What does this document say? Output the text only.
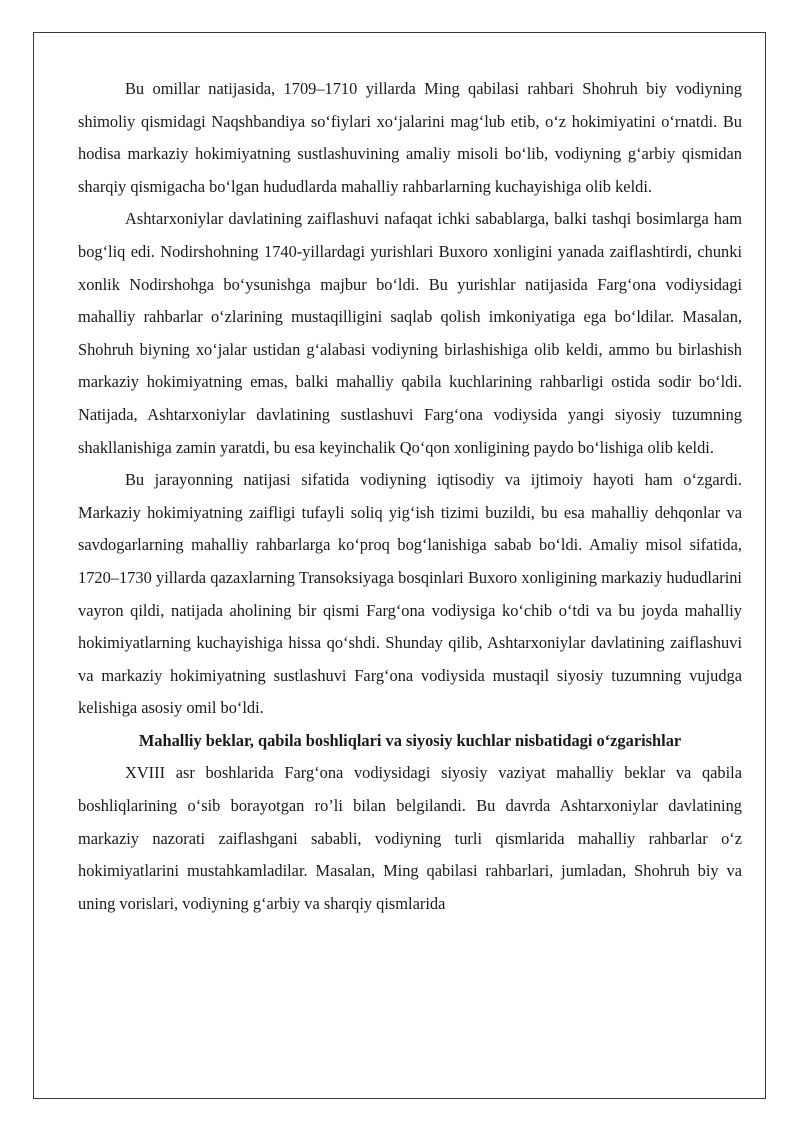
Bu omillar natijasida, 1709–1710 yillarda Ming qabilasi rahbari Shohruh biy vodiyning shimoliy qismidagi Naqshbandiya so‘fiylari xo‘jalarini mag‘lub etib, o‘z hokimiyatini o‘rnatdi. Bu hodisa markaziy hokimiyatning sustlashuvining amaliy misoli bo‘lib, vodiyning g‘arbiy qismidan sharqiy qismigacha bo‘lgan hududlarda mahalliy rahbarlarning kuchayishiga olib keldi.

Ashtarxoniylar davlatining zaiflashuvi nafaqat ichki sabablarga, balki tashqi bosimlarga ham bog‘liq edi. Nodirshohning 1740-yillardagi yurishlari Buxoro xonligini yanada zaiflashtirdi, chunki xonlik Nodirshohga bo‘ysunishga majbur bo‘ldi. Bu yurishlar natijasida Farg‘ona vodiysidagi mahalliy rahbarlar o‘zlarining mustaqilligini saqlab qolish imkoniyatiga ega bo‘ldilar. Masalan, Shohruh biyning xo‘jalar ustidan g‘alabasi vodiyning birlashishiga olib keldi, ammo bu birlashish markaziy hokimiyatning emas, balki mahalliy qabila kuchlarining rahbarligi ostida sodir bo‘ldi. Natijada, Ashtarxoniylar davlatining sustlashuvi Farg‘ona vodiysida yangi siyosiy tuzumning shakllanishiga zamin yaratdi, bu esa keyinchalik Qo‘qon xonligining paydo bo‘lishiga olib keldi.

Bu jarayonning natijasi sifatida vodiyning iqtisodiy va ijtimoiy hayoti ham o‘zgardi. Markaziy hokimiyatning zaifligi tufayli soliq yig‘ish tizimi buzildi, bu esa mahalliy dehqonlar va savdogarlarning mahalliy rahbarlarga ko‘proq bog‘lanishiga sabab bo‘ldi. Amaliy misol sifatida, 1720–1730 yillarda qazaxlarning Transoksiyaga bosqinlari Buxoro xonligining markaziy hududlarini vayron qildi, natijada aholining bir qismi Farg‘ona vodiysiga ko‘chib o‘tdi va bu joyda mahalliy hokimiyatlarning kuchayishiga hissa qo‘shdi. Shunday qilib, Ashtarxoniylar davlatining zaiflashuvi va markaziy hokimiyatning sustlashuvi Farg‘ona vodiysida mustaqil siyosiy tuzumning vujudga kelishiga asosiy omil bo‘ldi.

Mahalliy beklar, qabila boshliqlari va siyosiy kuchlar nisbatidagi o‘zgarishlar

XVIII asr boshlarida Farg‘ona vodiysidagi siyosiy vaziyat mahalliy beklar va qabila boshliqlarining o‘sib borayotgan ro’li bilan belgilandi. Bu davrda Ashtarxoniylar davlatining markaziy nazorati zaiflashgani sababli, vodiyning turli qismlarida mahalliy rahbarlar o‘z hokimiyatlarini mustahkamladilar. Masalan, Ming qabilasi rahbarlari, jumladan, Shohruh biy va uning vorislari, vodiyning g‘arbiy va sharqiy qismlarida
